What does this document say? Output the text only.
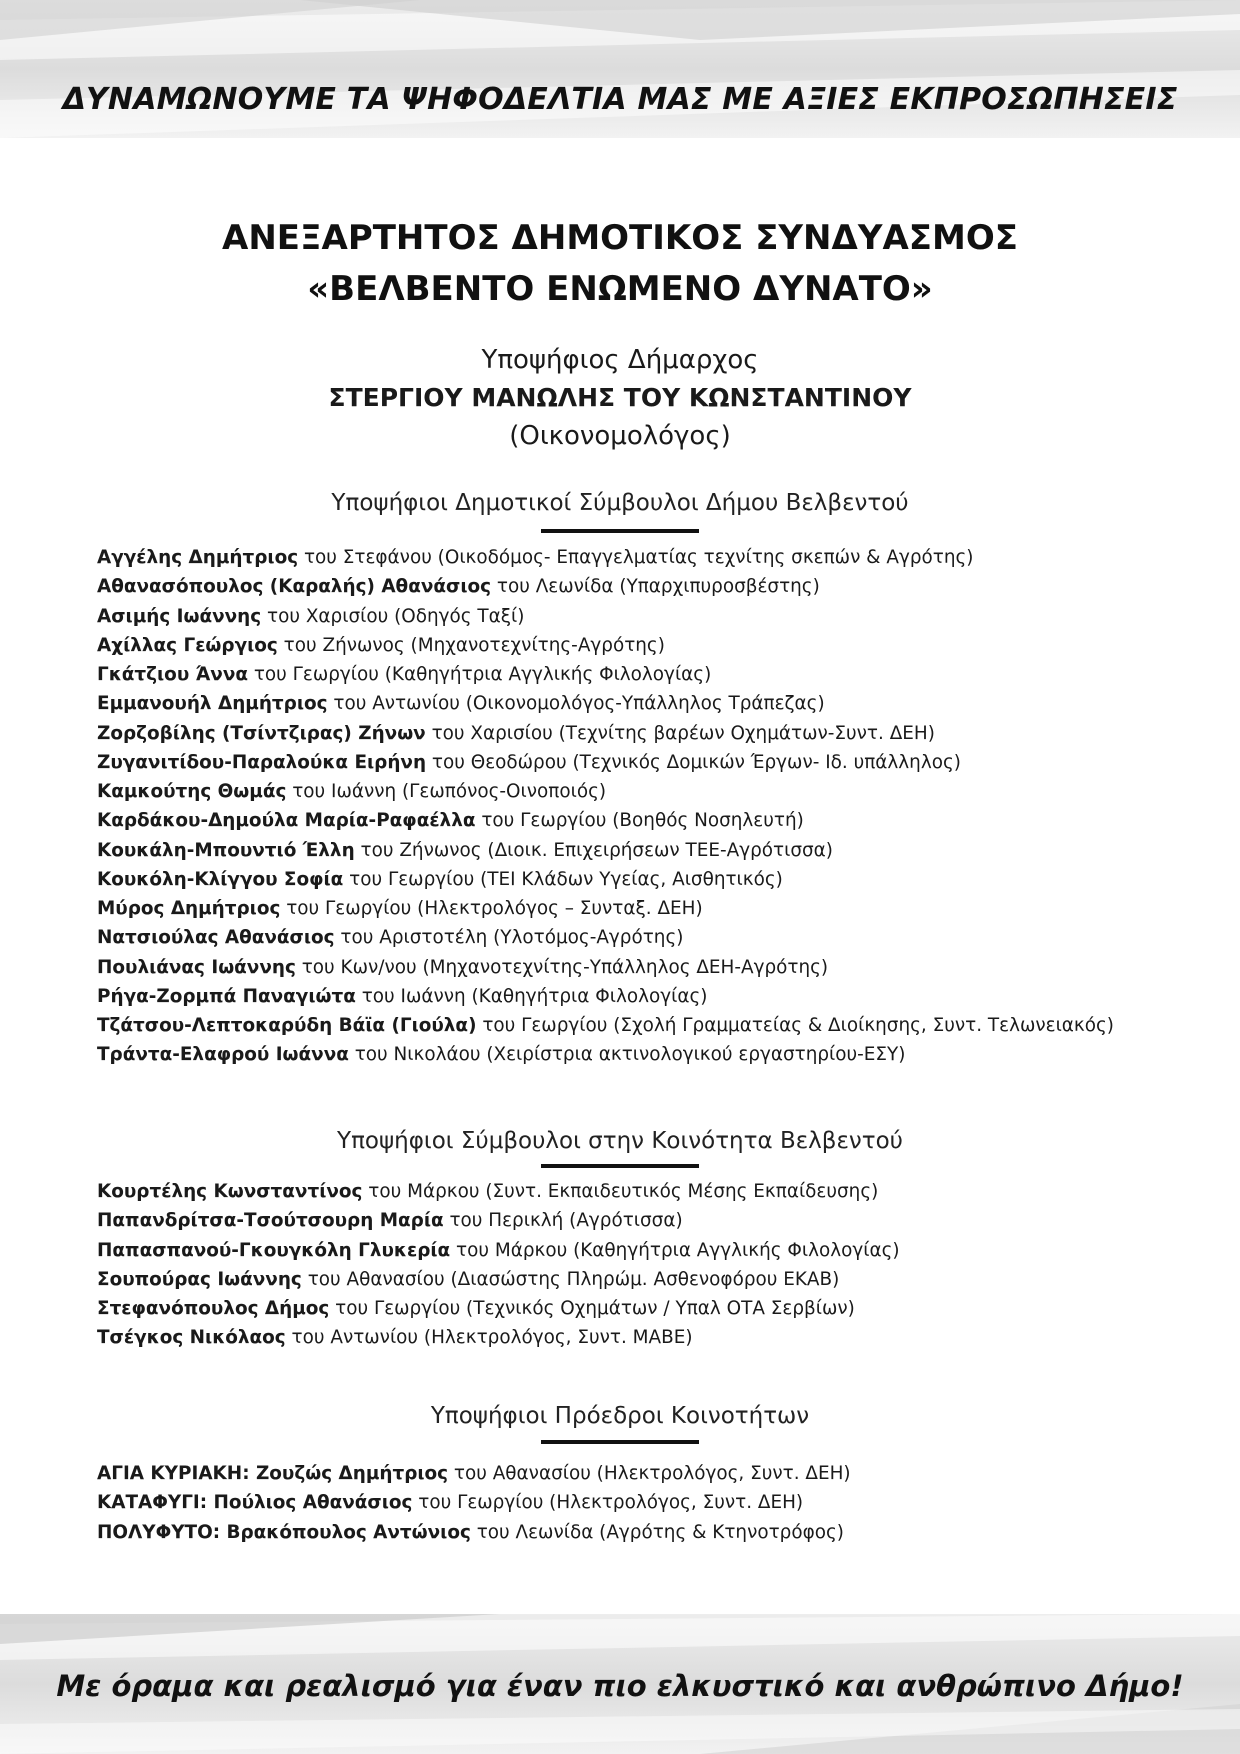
ΔΥΝΑΜΩΝΟΥΜΕ ΤΑ ΨΗΦΟΔΕΛΤΙΑ ΜΑΣ ΜΕ ΑΞΙΕΣ ΕΚΠΡΟΣΩΠΗΣΕΙΣ
ΑΝΕΞΑΡΤΗΤΟΣ ΔΗΜΟΤΙΚΟΣ ΣΥΝΔΥΑΣΜΟΣ
«ΒΕΛΒΕΝΤΟ ΕΝΩΜΕΝΟ ΔΥΝΑΤΟ»
Υποψήφιος Δήμαρχος
ΣΤΕΡΓΙΟΥ ΜΑΝΩΛΗΣ ΤΟΥ ΚΩΝΣΤΑΝΤΙΝΟΥ
(Οικονομολόγος)
Υποψήφιοι Δημοτικοί Σύμβουλοι Δήμου Βελβεντού
Αγγέλης Δημήτριος του Στεφάνου (Οικοδόμος- Επαγγελματίας τεχνίτης σκεπών & Αγρότης)
Αθανασόπουλος (Καραλής) Αθανάσιος του Λεωνίδα (Υπαρχιπυροσβέστης)
Ασιμής Ιωάννης του Χαρισίου (Οδηγός Ταξί)
Αχίλλας Γεώργιος του Ζήνωνος (Μηχανοτεχνίτης-Αγρότης)
Γκάτζιου Άννα του Γεωργίου (Καθηγήτρια Αγγλικής Φιλολογίας)
Εμμανουήλ Δημήτριος του Αντωνίου (Οικονομολόγος-Υπάλληλος Τράπεζας)
Ζορζοβίλης (Τσίντζιρας) Ζήνων του Χαρισίου (Τεχνίτης βαρέων Οχημάτων-Συντ. ΔΕΗ)
Ζυγανιτίδου-Παραλούκα Ειρήνη του Θεοδώρου (Τεχνικός Δομικών Έργων- Ιδ. υπάλληλος)
Καμκούτης Θωμάς του Ιωάννη (Γεωπόνος-Οινοποιός)
Καρδάκου-Δημούλα Μαρία-Ραφαέλλα του Γεωργίου (Βοηθός Νοσηλευτή)
Κουκάλη-Μπουντιό Έλλη του Ζήνωνος (Διοικ. Επιχειρήσεων ΤΕΕ-Αγρότισσα)
Κουκόλη-Κλίγγου Σοφία του Γεωργίου (ΤΕΙ Κλάδων Υγείας, Αισθητικός)
Μύρος Δημήτριος του Γεωργίου (Ηλεκτρολόγος – Συνταξ. ΔΕΗ)
Νατσιούλας Αθανάσιος του Αριστοτέλη (Υλοτόμος-Αγρότης)
Πουλιάνας Ιωάννης του Κων/νου (Μηχανοτεχνίτης-Υπάλληλος ΔΕΗ-Αγρότης)
Ρήγα-Ζορμπά Παναγιώτα του Ιωάννη (Καθηγήτρια Φιλολογίας)
Τζάτσου-Λεπτοκαρύδη Βάϊα (Γιούλα) του Γεωργίου (Σχολή Γραμματείας & Διοίκησης, Συντ. Τελωνειακός)
Τράντα-Ελαφρού Ιωάννα του Νικολάου (Χειρίστρια ακτινολογικού εργαστηρίου-ΕΣΥ)
Υποψήφιοι Σύμβουλοι στην Κοινότητα Βελβεντού
Κουρτέλης Κωνσταντίνος του Μάρκου (Συντ. Εκπαιδευτικός Μέσης Εκπαίδευσης)
Παπανδρίτσα-Τσούτσουρη Μαρία του Περικλή (Αγρότισσα)
Παπασπανού-Γκουγκόλη Γλυκερία του Μάρκου (Καθηγήτρια Αγγλικής Φιλολογίας)
Σουπούρας Ιωάννης του Αθανασίου (Διασώστης Πληρώμ. Ασθενοφόρου ΕΚΑΒ)
Στεφανόπουλος Δήμος του Γεωργίου (Τεχνικός Οχημάτων / Υπαλ ΟΤΑ Σερβίων)
Τσέγκος Νικόλαος του Αντωνίου (Ηλεκτρολόγος, Συντ. ΜΑΒΕ)
Υποψήφιοι Πρόεδροι Κοινοτήτων
ΑΓΙΑ ΚΥΡΙΑΚΗ: Ζουζώς Δημήτριος του Αθανασίου (Ηλεκτρολόγος, Συντ. ΔΕΗ)
ΚΑΤΑΦΥΓΙ: Πούλιος Αθανάσιος του Γεωργίου (Ηλεκτρολόγος, Συντ. ΔΕΗ)
ΠΟΛΥΦΥΤΟ: Βρακόπουλος Αντώνιος του Λεωνίδα (Αγρότης & Κτηνοτρόφος)
Με όραμα και ρεαλισμό για έναν πιο ελκυστικό και ανθρώπινο Δήμο!
